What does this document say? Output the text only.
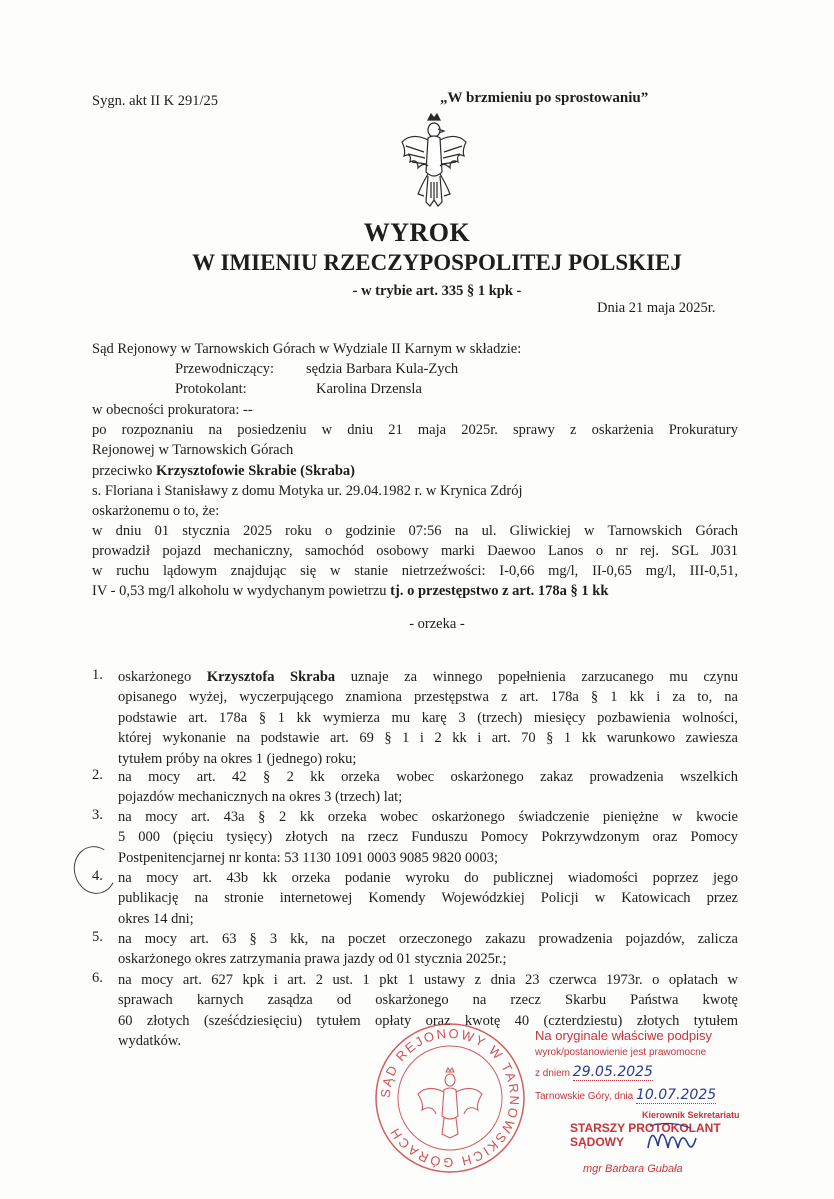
Sygn. akt II K 291/25	„W brzmieniu po sprostowaniu”
WYROK
W IMIENIU RZECZYPOSPOLITEJ POLSKIEJ
- w trybie art. 335 § 1 kpk -
Dnia 21 maja 2025r.
Sąd Rejonowy w Tarnowskich Górach w Wydziale II Karnym w składzie:
Przewodniczący: sędzia Barbara Kula-Zych
Protokolant:	Karolina Drzensla
w obecności prokuratora: --
po rozpoznaniu na posiedzeniu w dniu 21 maja 2025r. sprawy z oskarżenia Prokuratury
Rejonowej w Tarnowskich Górach
przeciwko Krzysztofowie Skrabie (Skraba)
s. Floriana i Stanisławy z domu Motyka ur. 29.04.1982 r. w Krynica Zdrój
oskarżonemu o to, że:
w dniu 01 stycznia 2025 roku o godzinie 07:56 na ul. Gliwickiej w Tarnowskich Górach
prowadził pojazd mechaniczny, samochód osobowy marki Daewoo Lanos o nr rej. SGL J031
w ruchu lądowym znajdując się w stanie nietrzeźwości: I-0,66 mg/l, II-0,65 mg/l, III-0,51,
IV - 0,53 mg/l alkoholu w wydychanym powietrzu tj. o przestępstwo z art. 178a § 1 kk
- orzeka -
1. oskarżonego Krzysztofa Skraba uznaje za winnego popełnienia zarzucanego mu czynu
opisanego wyżej, wyczerpującego znamiona przestępstwa z art. 178a § 1 kk i za to, na
podstawie art. 178a § 1 kk wymierza mu karę 3 (trzech) miesięcy pozbawienia wolności,
której wykonanie na podstawie art. 69 § 1 i 2 kk i art. 70 § 1 kk warunkowo zawiesza
tytułem próby na okres 1 (jednego) roku;
2. na mocy art. 42 § 2 kk orzeka wobec oskarżonego zakaz prowadzenia wszelkich
pojazdów mechanicznych na okres 3 (trzech) lat;
3. na mocy art. 43a § 2 kk orzeka wobec oskarżonego świadczenie pieniężne w kwocie
5 000 (pięciu tysięcy) złotych na rzecz Funduszu Pomocy Pokrzywdzonym oraz Pomocy
Postpenitencjarnej nr konta: 53 1130 1091 0003 9085 9820 0003;
4. na mocy art. 43b kk orzeka podanie wyroku do publicznej wiadomości poprzez jego
publikację na stronie internetowej Komendy Wojewódzkiej Policji w Katowicach przez
okres 14 dni;
5. na mocy art. 63 § 3 kk, na poczet orzeczonego zakazu prowadzenia pojazdów, zalicza
oskarżonego okres zatrzymania prawa jazdy od 01 stycznia 2025r.;
6. na mocy art. 627 kpk i art. 2 ust. 1 pkt 1 ustawy z dnia 23 czerwca 1973r. o opłatach w
sprawach karnych zasądza od oskarżonego na rzecz Skarbu Państwa kwotę
60 złotych (sześćdziesięciu) tytułem opłaty oraz kwotę 40 (czterdziestu) złotych tytułem
wydatków.
SĄD REJONOWY W TARNOWSKICH GÓRACH
Na oryginale właściwe podpisy
wyrok/postanowienie jest prawomocne
z dniem 29.05.2025
Tarnowskie Góry, dnia 10.07.2025
Kierownik Sekretariatu
STARSZY PROTOKOLANT SĄDOWY
mgr Barbara Gubała
